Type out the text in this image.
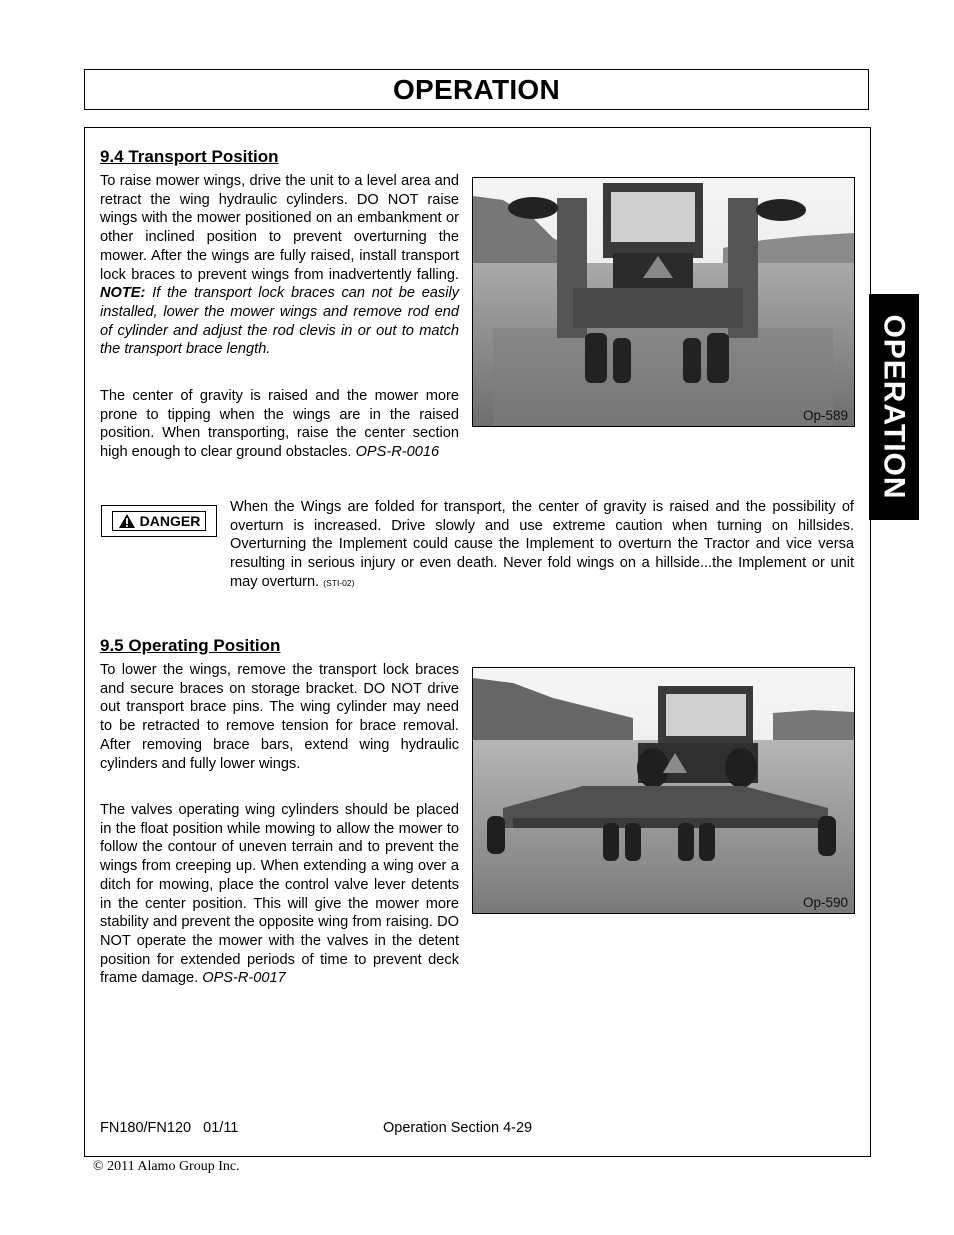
OPERATION
OPERATION
9.4 Transport Position

To raise mower wings, drive the unit to a level area and retract the wing hydraulic cylinders. DO NOT raise wings with the mower positioned on an embankment or other inclined position to prevent overturning the mower. After the wings are fully raised, install transport lock braces to prevent wings from inadvertently falling. NOTE: If the transport lock braces can not be easily installed, lower the mower wings and remove rod end of cylinder and adjust the rod clevis in or out to match the transport brace length.

The center of gravity is raised and the mower more prone to tipping when the wings are in the raised position. When transporting, raise the center section high enough to clear ground obstacles. OPS-R-0016

Op-589
DANGER

When the Wings are folded for transport, the center of gravity is raised and the possibility of overturn is increased. Drive slowly and use extreme caution when turning on hillsides. Overturning the Implement could cause the Implement to overturn the Tractor and vice versa resulting in serious injury or even death. Never fold wings on a hillside...the Implement or unit may overturn. (STI-02)

9.5 Operating Position

To lower the wings, remove the transport lock braces and secure braces on storage bracket. DO NOT drive out transport brace pins. The wing cylinder may need to be retracted to remove tension for brace removal. After removing brace bars, extend wing hydraulic cylinders and fully lower wings.

The valves operating wing cylinders should be placed in the float position while mowing to allow the mower to follow the contour of uneven terrain and to prevent the wings from creeping up. When extending a wing over a ditch for mowing, place the control valve lever detents in the center position. This will give the mower more stability and prevent the opposite wing from raising. DO NOT operate the mower with the valves in the detent position for extended periods of time to prevent deck frame damage. OPS-R-0017

Op-590
FN180/FN120   01/11	Operation Section 4-29
© 2011 Alamo Group Inc.
